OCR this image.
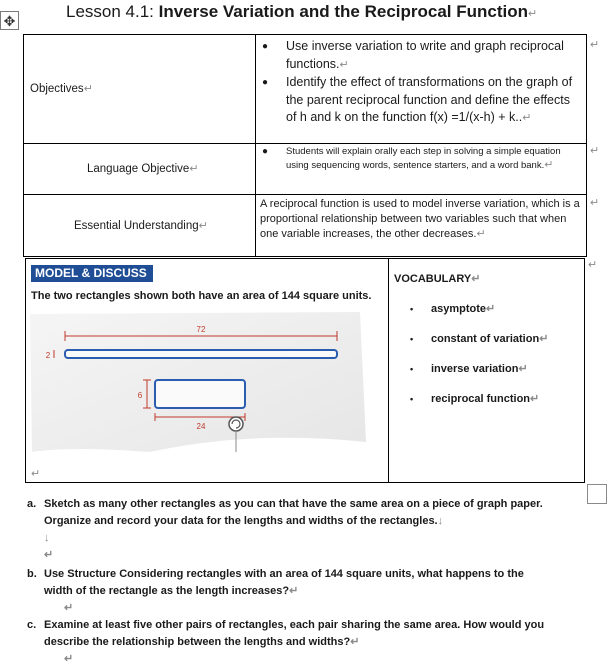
✥	Lesson 4.1: Inverse Variation and the Reciprocal Function↵
Objectives↵
● Use inverse variation to write and graph reciprocal functions.↵
● Identify the effect of transformations on the graph of the parent reciprocal function and define the effects of h and k on the function f(x) =1/(x-h) + k..↵
Language Objective↵
● Students will explain orally each step in solving a simple equation using sequencing words, sentence starters, and a word bank.↵
Essential Understanding↵
A reciprocal function is used to model inverse variation, which is a proportional relationship between two variables such that when one variable increases, the other decreases.↵
↵
↵
↵
↵
MODEL & DISCUSS
The two rectangles shown both have an area of 144 square units.
72
2
6
24
↵
VOCABULARY↵
• asymptote↵
• constant of variation↵
• inverse variation↵
• reciprocal function↵
a. Sketch as many other rectangles as you can that have the same area on a piece of graph paper.
Organize and record your data for the lengths and widths of the rectangles.↓
↓
↵
b. Use Structure Considering rectangles with an area of 144 square units, what happens to the
width of the rectangle as the length increases?↵
↵
c. Examine at least five other pairs of rectangles, each pair sharing the same area. How would you
describe the relationship between the lengths and widths?↵
↵
